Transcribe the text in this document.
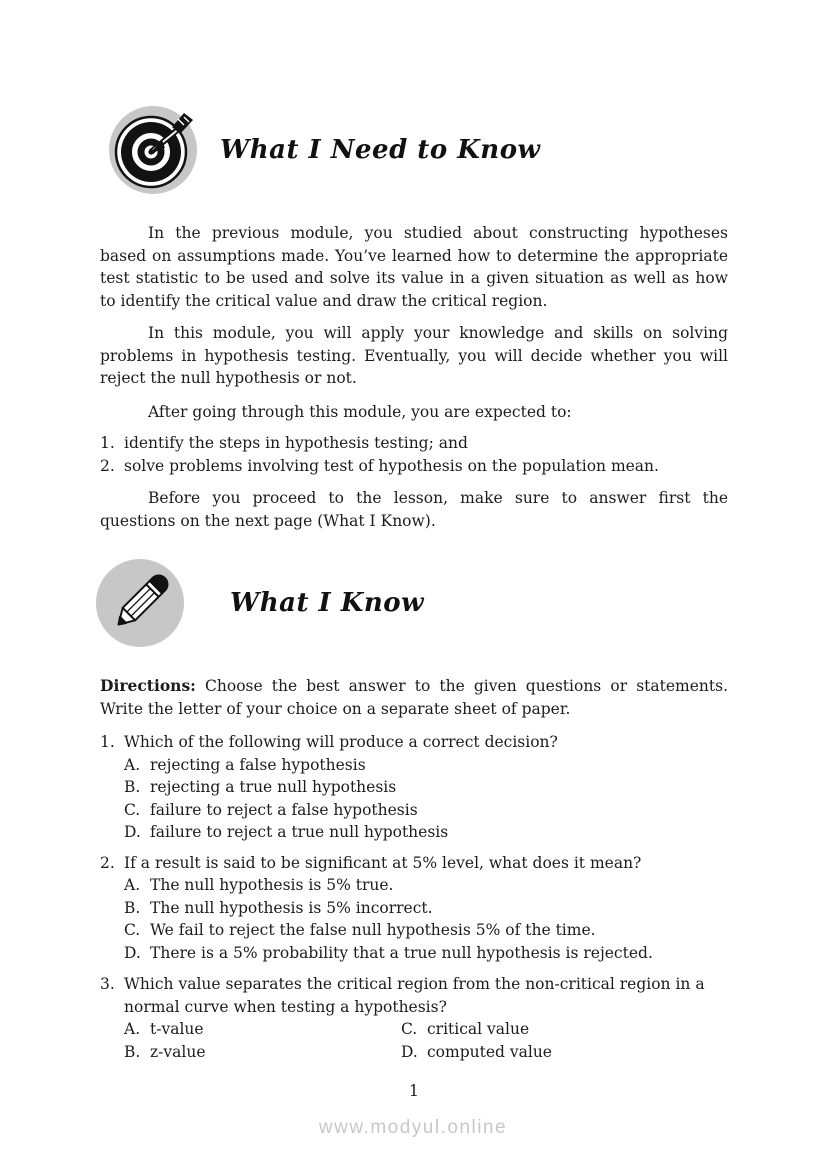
What I Need to Know

In the previous module, you studied about constructing hypotheses based on assumptions made. You’ve learned how to determine the appropriate test statistic to be used and solve its value in a given situation as well as how to identify the critical value and draw the critical region.

In this module, you will apply your knowledge and skills on solving problems in hypothesis testing. Eventually, you will decide whether you will reject the null hypothesis or not.

After going through this module, you are expected to:

1. identify the steps in hypothesis testing; and
2. solve problems involving test of hypothesis on the population mean.

Before you proceed to the lesson, make sure to answer first the questions on the next page (What I Know).

What I Know

Directions: Choose the best answer to the given questions or statements. Write the letter of your choice on a separate sheet of paper.

1. Which of the following will produce a correct decision?
A. rejecting a false hypothesis
B. rejecting a true null hypothesis
C. failure to reject a false hypothesis
D. failure to reject a true null hypothesis
2. If a result is said to be significant at 5% level, what does it mean?
A. The null hypothesis is 5% true.
B. The null hypothesis is 5% incorrect.
C. We fail to reject the false null hypothesis 5% of the time.
D. There is a 5% probability that a true null hypothesis is rejected.
3. Which value separates the critical region from the non-critical region in a normal curve when testing a hypothesis?
A. t-value	C. critical value
B. z-value	D. computed value
1
www.modyul.online
